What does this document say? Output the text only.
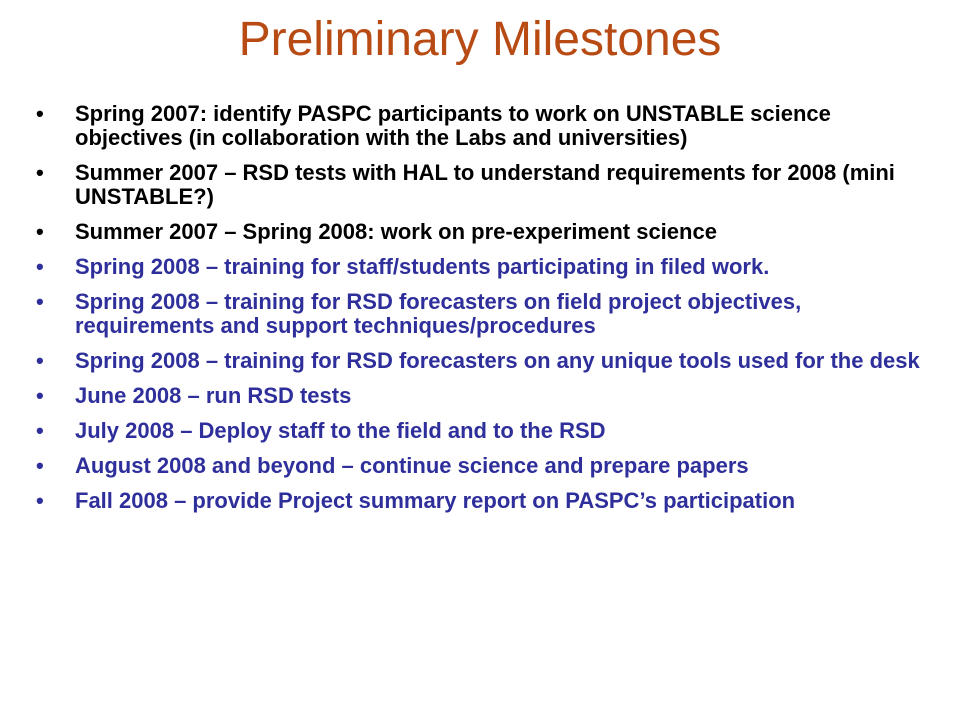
Preliminary Milestones
•	Spring 2007: identify PASPC participants to work on UNSTABLE science objectives (in collaboration with the Labs and universities)
•	Summer 2007 – RSD tests with HAL to understand requirements for 2008 (mini UNSTABLE?)
•	Summer 2007 – Spring 2008: work on pre-experiment science
•	Spring 2008 – training for staff/students participating in filed work.
•	Spring 2008 – training for RSD forecasters on field project objectives, requirements and support techniques/procedures
•	Spring 2008 – training for RSD forecasters on any unique tools used for the desk
•	June 2008 – run RSD tests
•	July 2008 – Deploy staff to the field and to the RSD
•	August 2008 and beyond – continue science and prepare papers
•	Fall 2008 – provide Project summary report on PASPC’s participation
